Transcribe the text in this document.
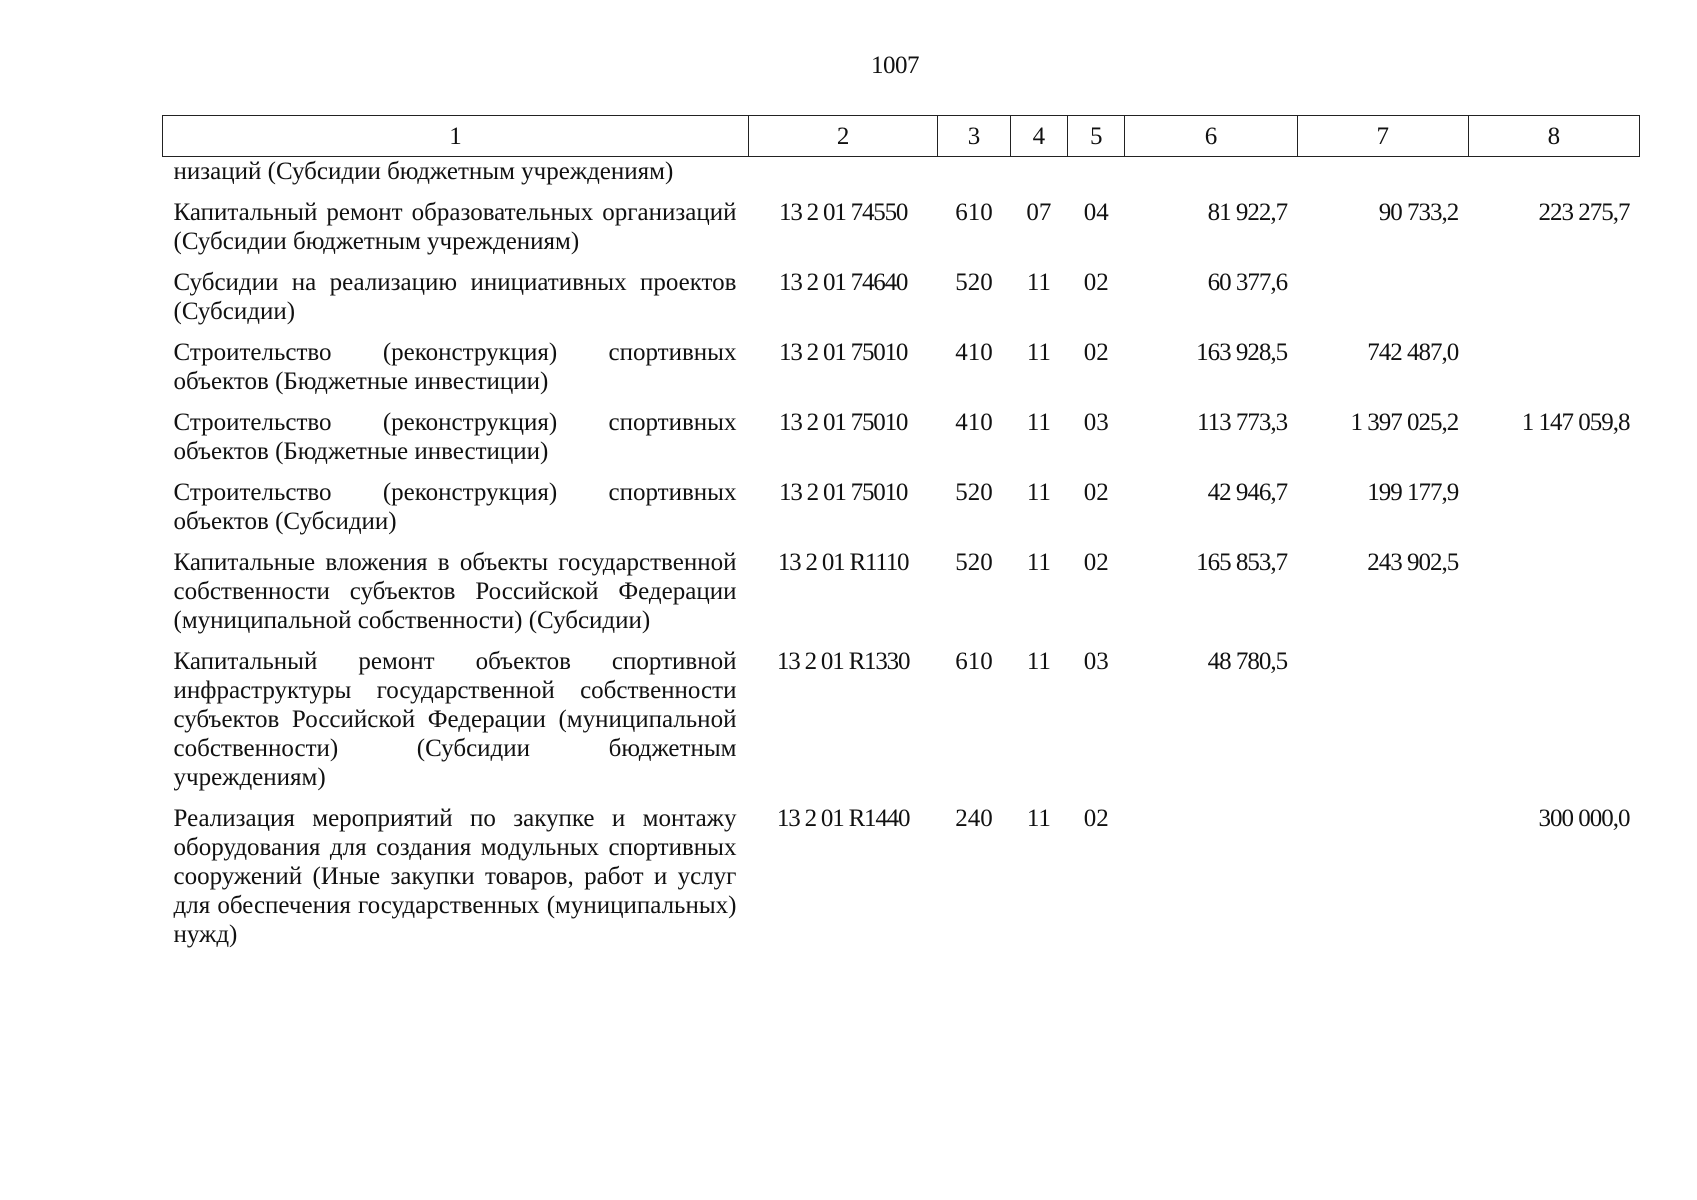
1007
1	2	3	4	5	6	7	8
низаций (Субсидии бюджетным учреждениям)							
Капитальный ремонт образовательных организаций (Субсидии бюджетным учреждениям)	13 2 01 74550	610	07	04	81 922,7	90 733,2	223 275,7
Субсидии на реализацию инициативных проектов (Субсидии)	13 2 01 74640	520	11	02	60 377,6		
Строительство (реконструкция) спортивных объектов (Бюджетные инвестиции)	13 2 01 75010	410	11	02	163 928,5	742 487,0	
Строительство (реконструкция) спортивных объектов (Бюджетные инвестиции)	13 2 01 75010	410	11	03	113 773,3	1 397 025,2	1 147 059,8
Строительство (реконструкция) спортивных объектов (Субсидии)	13 2 01 75010	520	11	02	42 946,7	199 177,9	
Капитальные вложения в объекты государственной собственности субъектов Российской Федерации (муниципальной собственности) (Субсидии)	13 2 01 R1110	520	11	02	165 853,7	243 902,5	
Капитальный ремонт объектов спортивной инфраструктуры государственной собственности субъектов Российской Федерации (муниципальной собственности) (Субсидии бюджетным учреждениям)	13 2 01 R1330	610	11	03	48 780,5		
Реализация мероприятий по закупке и монтажу оборудования для создания модульных спортивных сооружений (Иные закупки товаров, работ и услуг для обеспечения государственных (муниципальных) нужд)	13 2 01 R1440	240	11	02			300 000,0
